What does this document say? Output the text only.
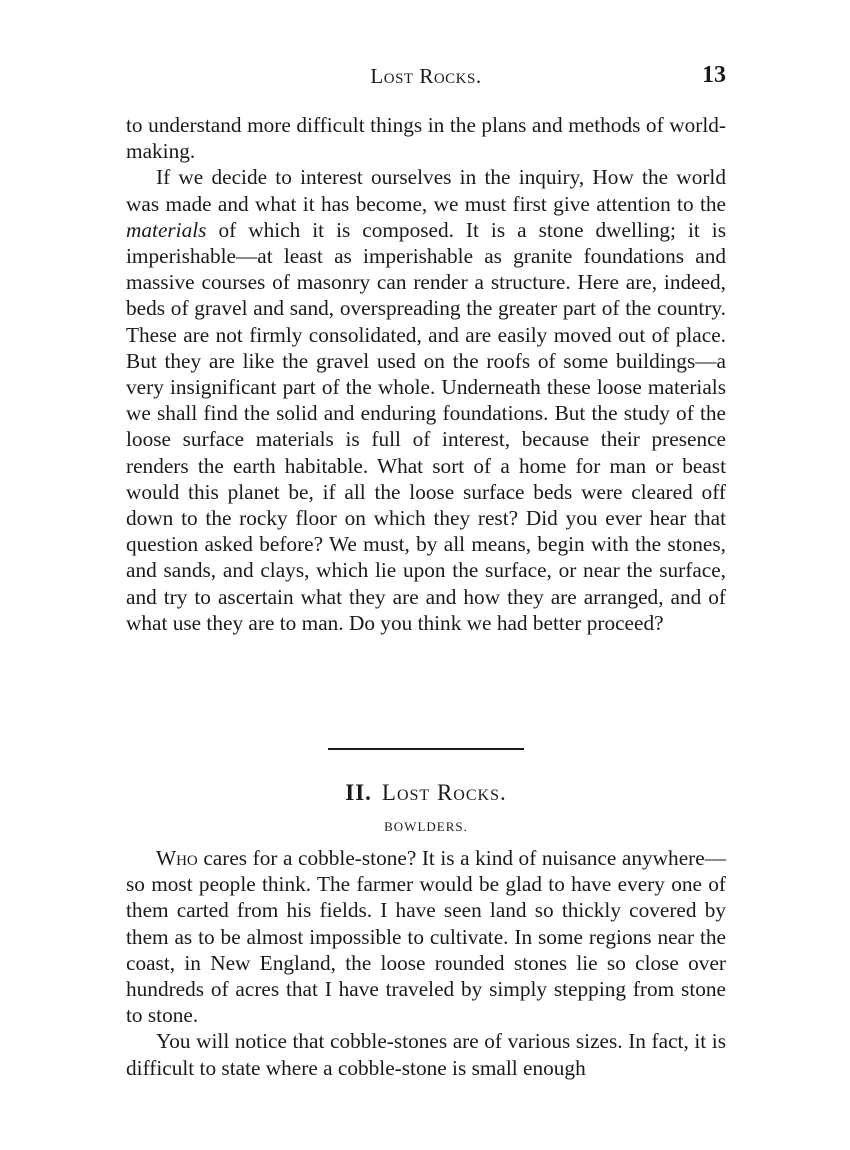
Lost Rocks.	13

to understand more difficult things in the plans and methods of world-making.

If we decide to interest ourselves in the inquiry, How the world was made and what it has become, we must first give attention to the materials of which it is composed. It is a stone dwelling; it is imperishable—at least as imperishable as granite foundations and massive courses of masonry can render a structure. Here are, indeed, beds of gravel and sand, overspreading the greater part of the country. These are not firmly consolidated, and are easily moved out of place. But they are like the gravel used on the roofs of some buildings—a very insignificant part of the whole. Underneath these loose materials we shall find the solid and enduring foundations. But the study of the loose surface materials is full of interest, because their presence renders the earth habitable. What sort of a home for man or beast would this planet be, if all the loose surface beds were cleared off down to the rocky floor on which they rest? Did you ever hear that question asked before? We must, by all means, begin with the stones, and sands, and clays, which lie upon the surface, or near the surface, and try to ascertain what they are and how they are arranged, and of what use they are to man. Do you think we had better proceed?

II. Lost Rocks.
BOWLDERS.

Who cares for a cobble-stone? It is a kind of nuisance anywhere—so most people think. The farmer would be glad to have every one of them carted from his fields. I have seen land so thickly covered by them as to be almost impossible to cultivate. In some regions near the coast, in New England, the loose rounded stones lie so close over hundreds of acres that I have traveled by simply stepping from stone to stone.

You will notice that cobble-stones are of various sizes. In fact, it is difficult to state where a cobble-stone is small enough
